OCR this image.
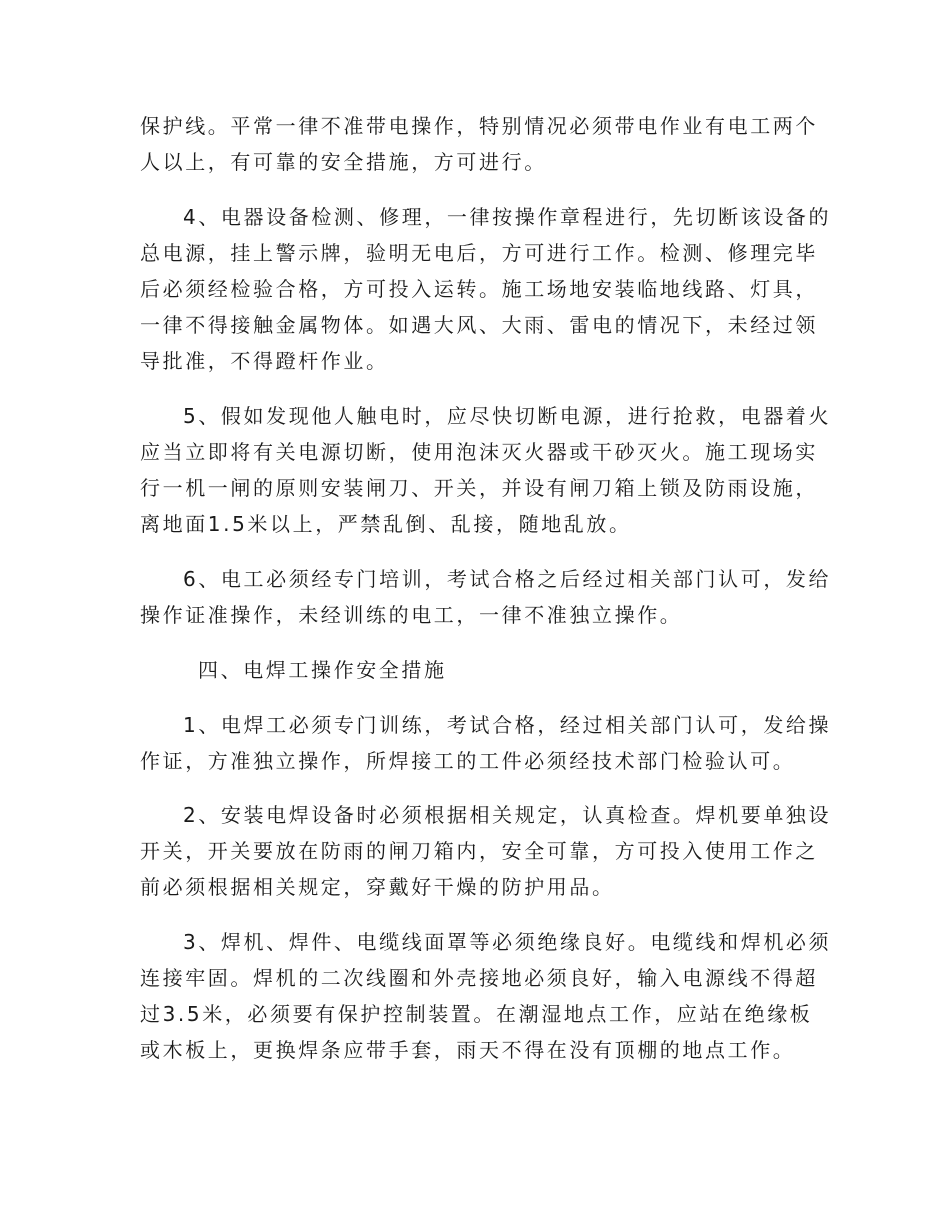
保护线。平常一律不准带电操作，特别情况必须带电作业有电工两个

人以上，有可靠的安全措施，方可进行。

4、电器设备检测、修理，一律按操作章程进行，先切断该设备的

总电源，挂上警示牌，验明无电后，方可进行工作。检测、修理完毕

后必须经检验合格，方可投入运转。施工场地安装临地线路、灯具，

一律不得接触金属物体。如遇大风、大雨、雷电的情况下，未经过领

导批准，不得蹬杆作业。

5、假如发现他人触电时，应尽快切断电源，进行抢救，电器着火

应当立即将有关电源切断，使用泡沫灭火器或干砂灭火。施工现场实

行一机一闸的原则安装闸刀、开关，并设有闸刀箱上锁及防雨设施，

离地面1.5米以上，严禁乱倒、乱接，随地乱放。

6、电工必须经专门培训，考试合格之后经过相关部门认可，发给

操作证准操作，未经训练的电工，一律不准独立操作。

四、电焊工操作安全措施

1、电焊工必须专门训练，考试合格，经过相关部门认可，发给操

作证，方准独立操作，所焊接工的工件必须经技术部门检验认可。

2、安装电焊设备时必须根据相关规定，认真检查。焊机要单独设

开关，开关要放在防雨的闸刀箱内，安全可靠，方可投入使用工作之

前必须根据相关规定，穿戴好干燥的防护用品。

3、焊机、焊件、电缆线面罩等必须绝缘良好。电缆线和焊机必须

连接牢固。焊机的二次线圈和外壳接地必须良好，输入电源线不得超

过3.5米，必须要有保护控制装置。在潮湿地点工作，应站在绝缘板

或木板上，更换焊条应带手套，雨天不得在没有顶棚的地点工作。
